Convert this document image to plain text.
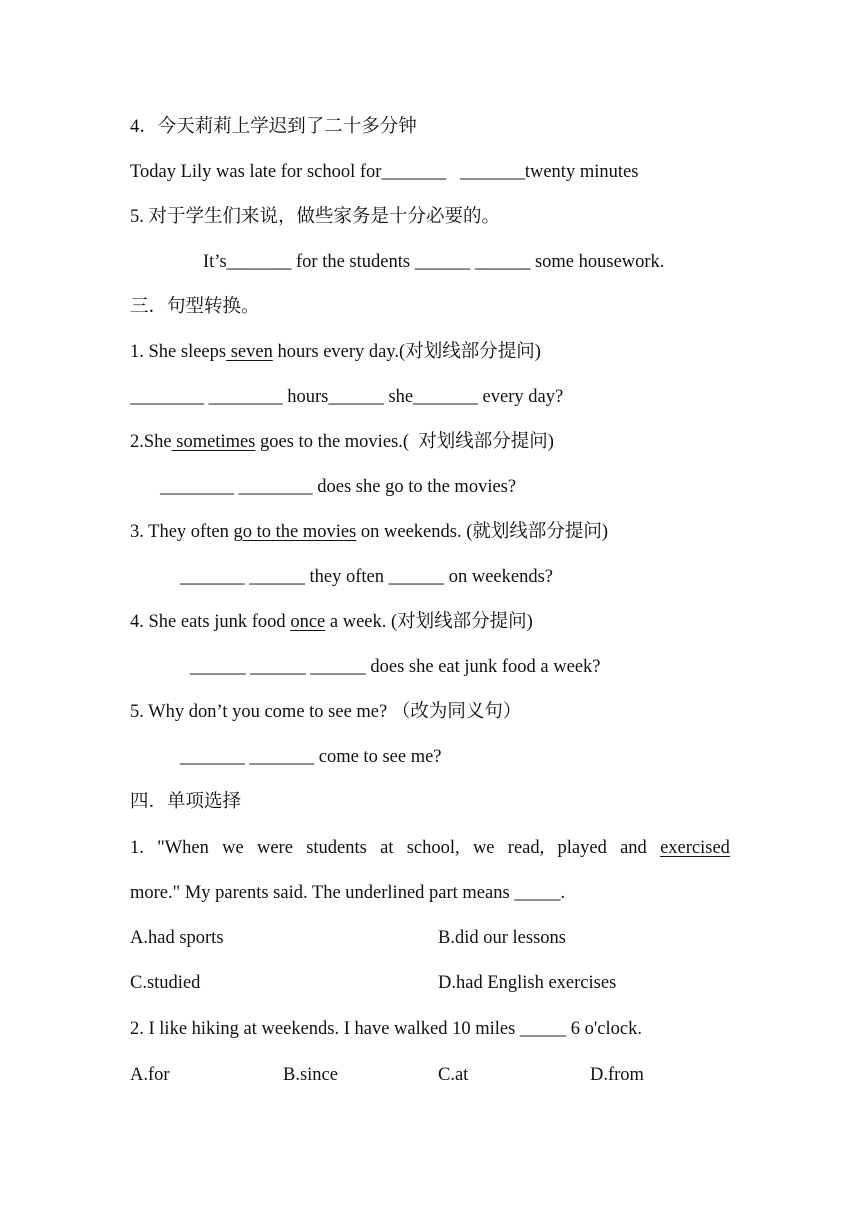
4．今天莉莉上学迟到了二十多分钟
Today Lily was late for school for_______   _______twenty minutes
5. 对于学生们来说，做些家务是十分必要的。
It’s_______ for the students ______ ______ some housework.
三．句型转换。
1. She sleeps seven hours every day.(对划线部分提问)
________ ________ hours______ she_______ every day?
2.She sometimes goes to the movies.(  对划线部分提问)
________ ________ does she go to the movies?
3. They often go to the movies on weekends. (就划线部分提问)
_______ ______ they often ______ on weekends?
4. She eats junk food once a week. (对划线部分提问)
______ ______ ______ does she eat junk food a week?
5. Why don’t you come to see me? （改为同义句）
_______ _______ come to see me?
四．单项选择
1. "When we were students at school, we read, played and exercised
more." My parents said. The underlined part means _____.
A.had sports	B.did our lessons
C.studied	D.had English exercises
2. I like hiking at weekends. I have walked 10 miles _____ 6 o'clock.
A.for	B.since	C.at	D.from
